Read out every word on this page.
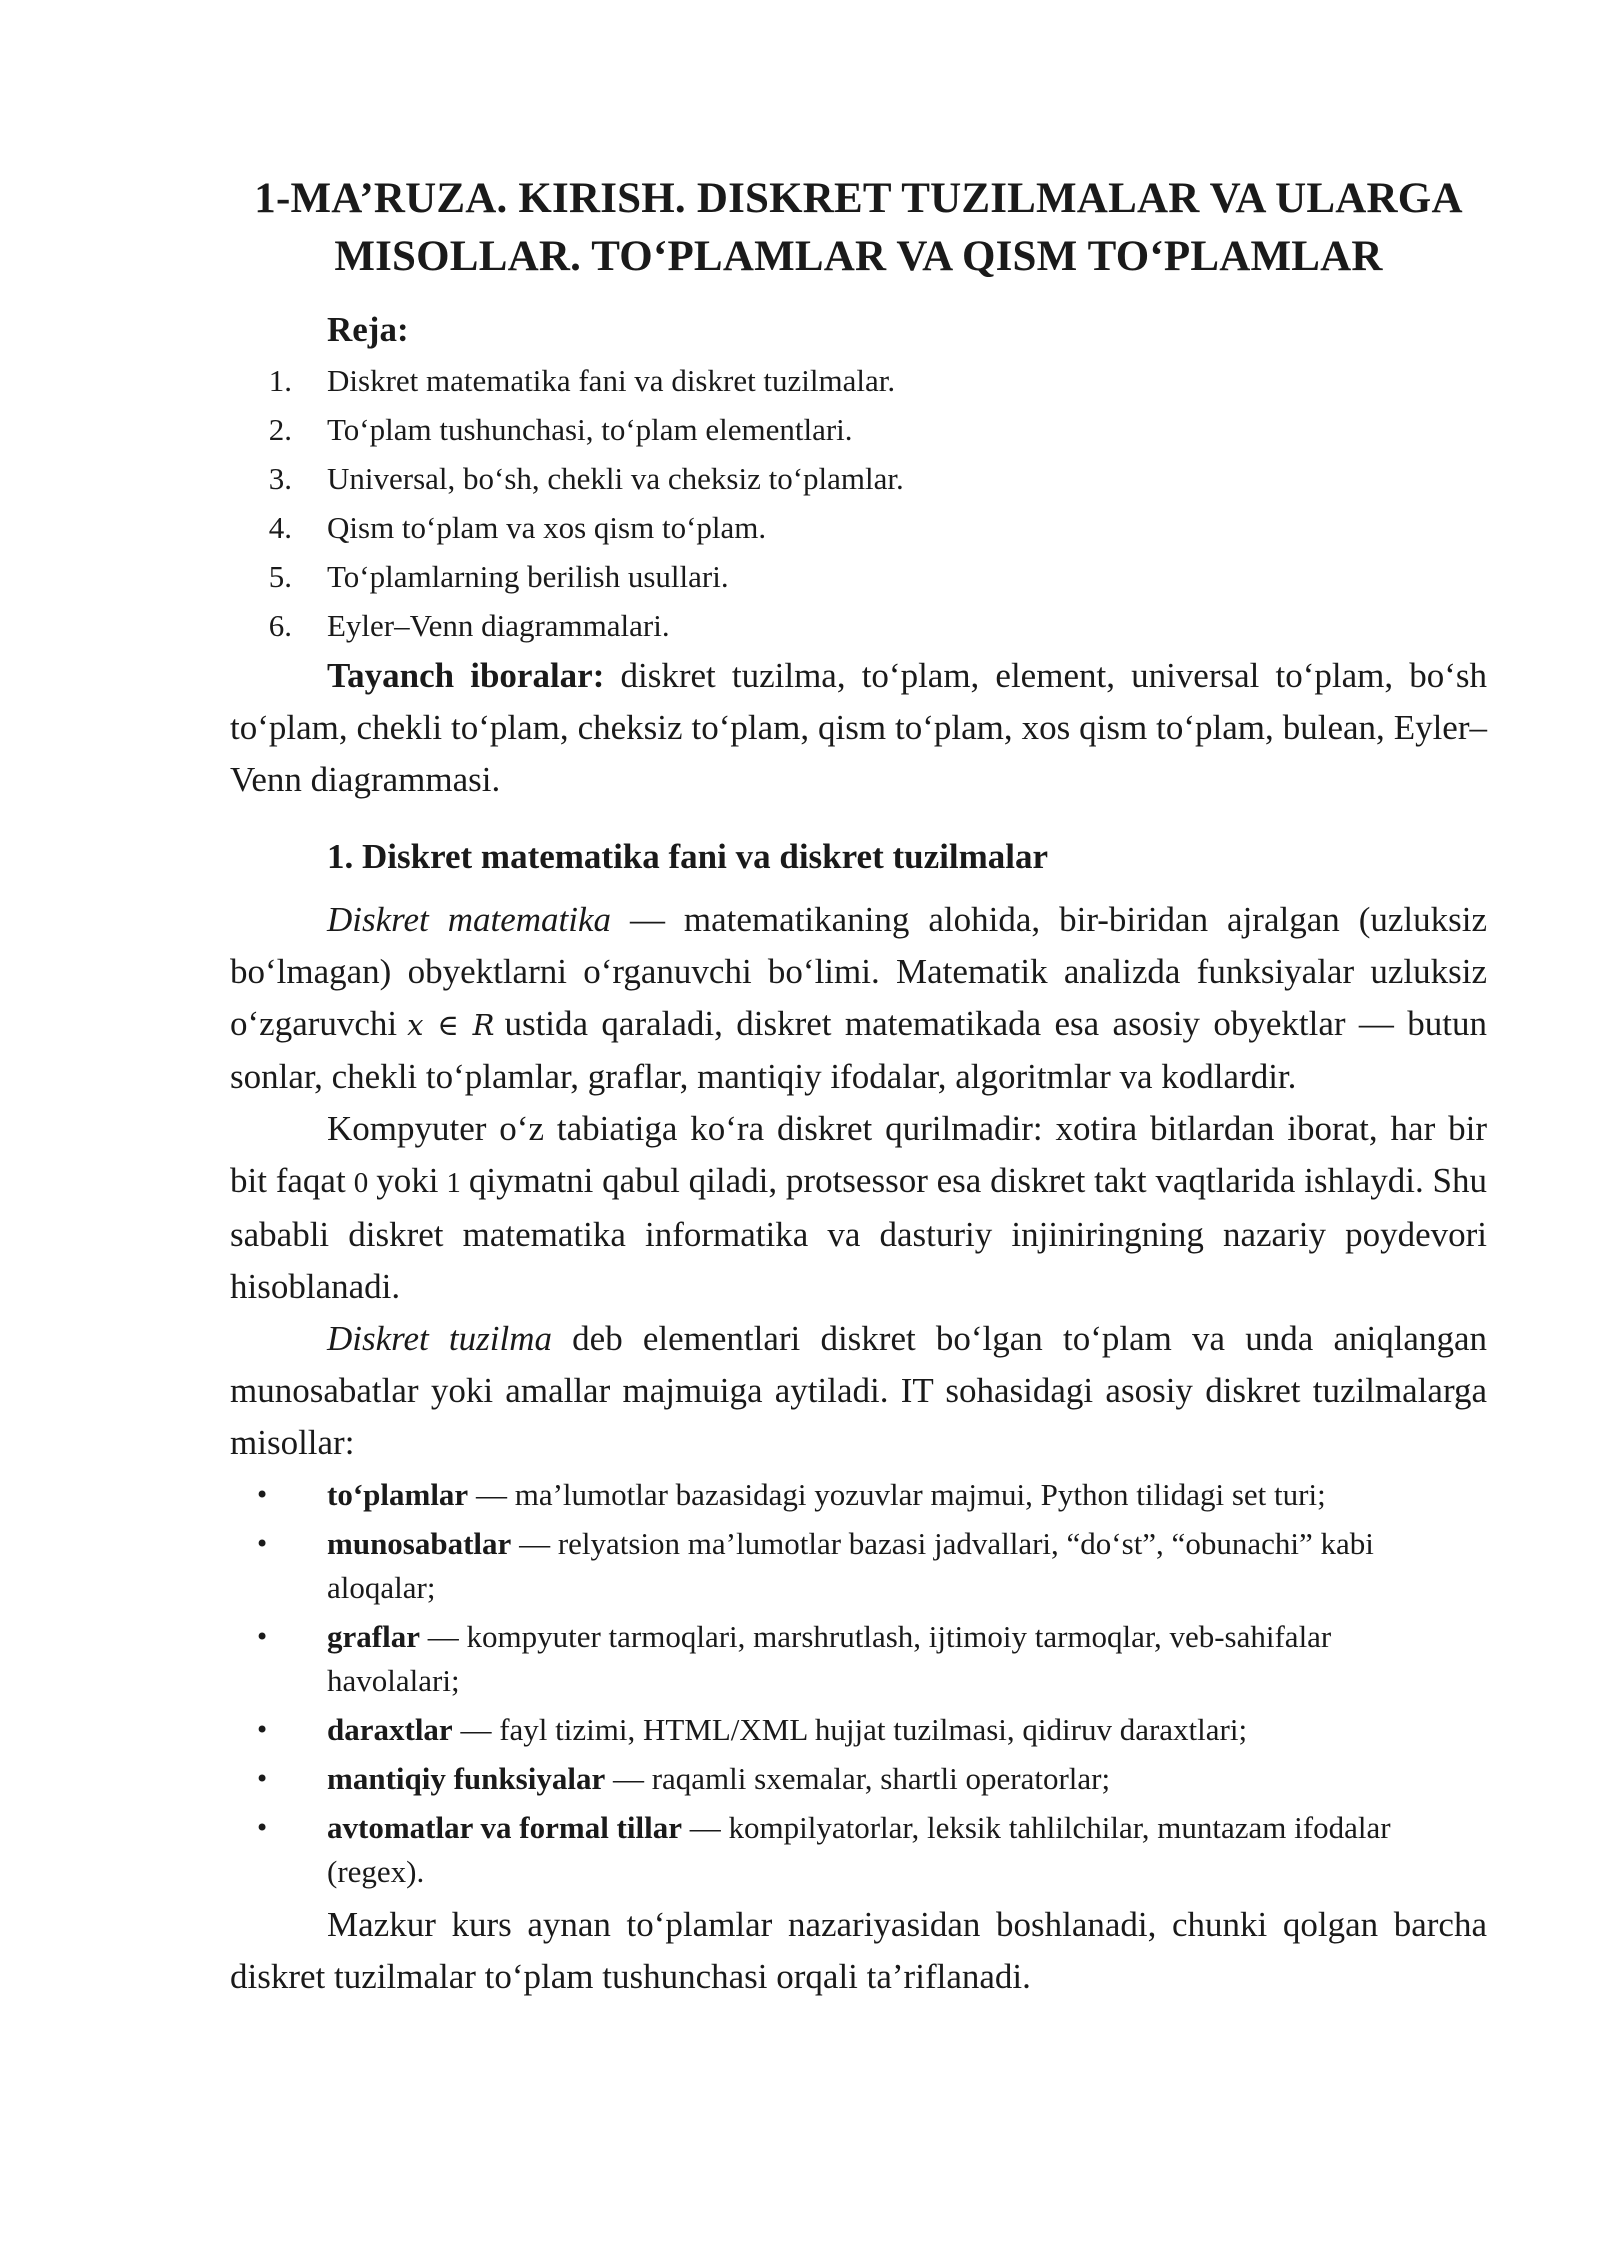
1-MA’RUZA. KIRISH. DISKRET TUZILMALAR VA ULARGA
MISOLLAR. TO‘PLAMLAR VA QISM TO‘PLAMLAR
Reja:
1. Diskret matematika fani va diskret tuzilmalar.
2. To‘plam tushunchasi, to‘plam elementlari.
3. Universal, bo‘sh, chekli va cheksiz to‘plamlar.
4. Qism to‘plam va xos qism to‘plam.
5. To‘plamlarning berilish usullari.
6. Eyler–Venn diagrammalari.

Tayanch iboralar: diskret tuzilma, to‘plam, element, universal to‘plam, bo‘sh to‘plam, chekli to‘plam, cheksiz to‘plam, qism to‘plam, xos qism to‘plam, bulean, Eyler–Venn diagrammasi.

1. Diskret matematika fani va diskret tuzilmalar

Diskret matematika — matematikaning alohida, bir-biridan ajralgan (uzluksiz bo‘lmagan) obyektlarni o‘rganuvchi bo‘limi. Matematik analizda funksiyalar uzluksiz o‘zgaruvchi x ∈ R ustida qaraladi, diskret matematikada esa asosiy obyektlar — butun sonlar, chekli to‘plamlar, graflar, mantiqiy ifodalar, algoritmlar va kodlardir.

Kompyuter o‘z tabiatiga ko‘ra diskret qurilmadir: xotira bitlardan iborat, har bir bit faqat 0 yoki 1 qiymatni qabul qiladi, protsessor esa diskret takt vaqtlarida ishlaydi. Shu sababli diskret matematika informatika va dasturiy injiniringning nazariy poydevori hisoblanadi.

Diskret tuzilma deb elementlari diskret bo‘lgan to‘plam va unda aniqlangan munosabatlar yoki amallar majmuiga aytiladi. IT sohasidagi asosiy diskret tuzilmalarga misollar:

•	to‘plamlar — ma’lumotlar bazasidagi yozuvlar majmui, Python tilidagi set turi;
•	munosabatlar — relyatsion ma’lumotlar bazasi jadvallari, “do‘st”, “obunachi” kabi aloqalar;
•	graflar — kompyuter tarmoqlari, marshrutlash, ijtimoiy tarmoqlar, veb-sahifalar havolalari;
•	daraxtlar — fayl tizimi, HTML/XML hujjat tuzilmasi, qidiruv daraxtlari;
•	mantiqiy funksiyalar — raqamli sxemalar, shartli operatorlar;
•	avtomatlar va formal tillar — kompilyatorlar, leksik tahlilchilar, muntazam ifodalar (regex).

Mazkur kurs aynan to‘plamlar nazariyasidan boshlanadi, chunki qolgan barcha diskret tuzilmalar to‘plam tushunchasi orqali ta’riflanadi.
